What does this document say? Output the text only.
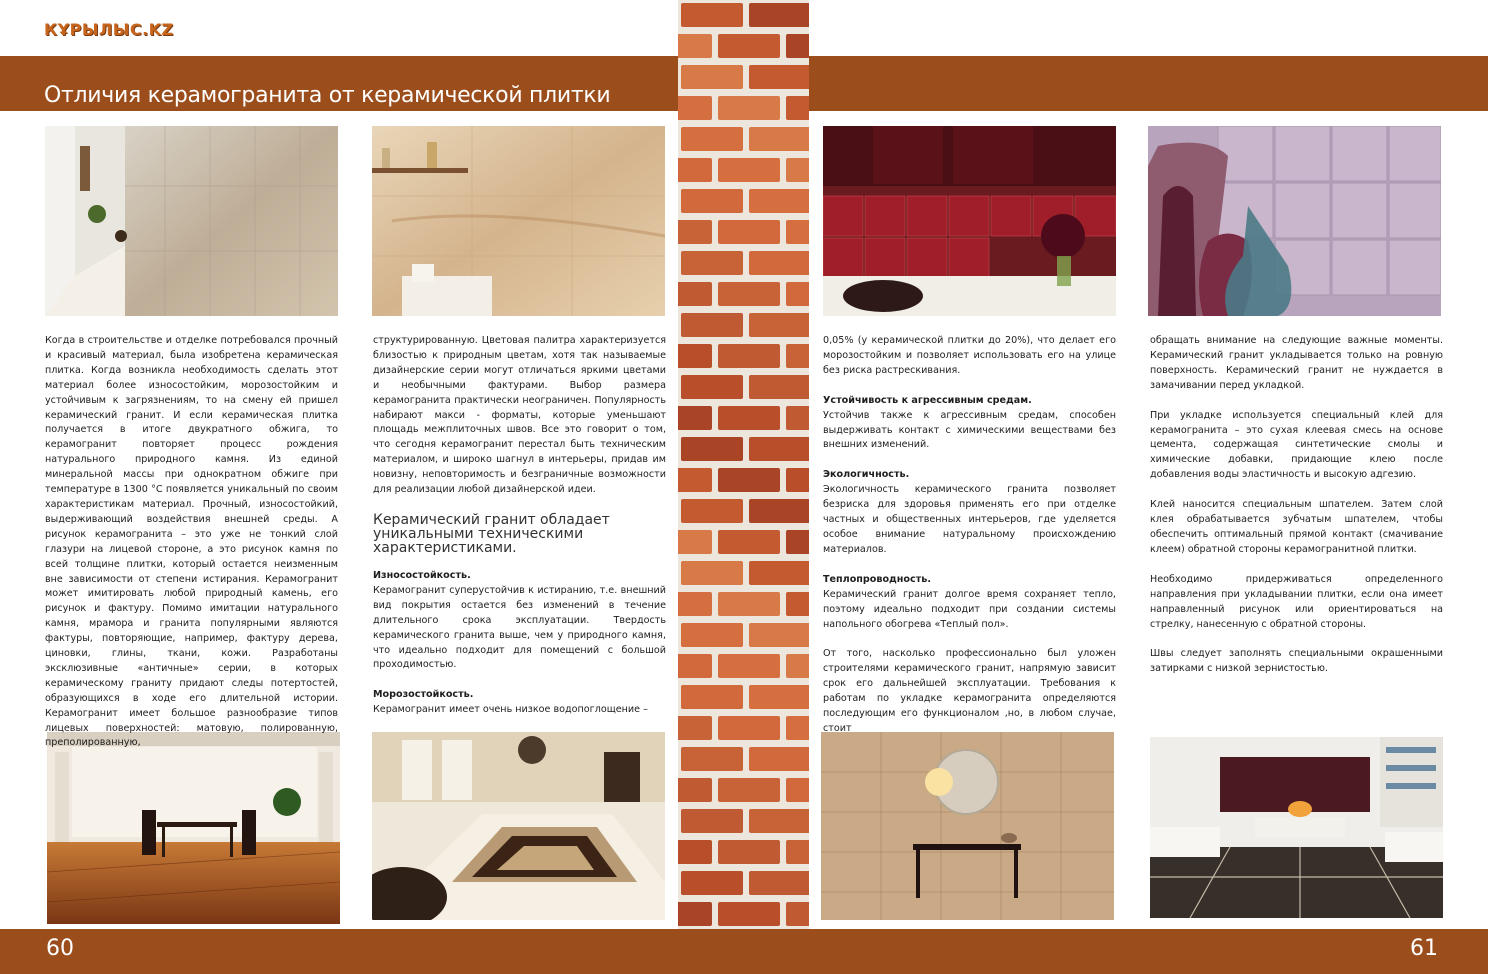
КҰРЫЛЫС.KZ
Отличия керамогранита от керамической плитки

Когда в строительстве и отделке потребовался прочный и красивый материал, была изобретена керамическая плитка. Когда возникла необходимость сделать этот материал более износостойким, морозостойким и устойчивым к загрязнениям, то на смену ей пришел керамический гранит. И если керамическая плитка получается в итоге двукратного обжига, то керамогранит повторяет процесс рождения натурального природного камня. Из единой минеральной массы при однократном обжиге при температуре в 1300 °С появляется уникальный по своим характеристикам материал. Прочный, износостойкий, выдерживающий воздействия внешней среды. А рисунок керамогранита – это уже не тонкий слой глазури на лицевой стороне, а это рисунок камня по всей толщине плитки, который остается неизменным вне зависимости от степени истирания. Керамогранит может имитировать любой природный камень, его рисунок и фактуру. Помимо имитации натурального камня, мрамора и гранита популярными являются фактуры, повторяющие, например, фактуру дерева, циновки, глины, ткани, кожи. Разработаны эксклюзивные «античные» серии, в которых керамическому граниту придают следы потертостей, образующихся в ходе его длительной истории. Керамогранит имеет большое разнообразие типов лицевых поверхностей: матовую, полированную, преполированную,

структурированную. Цветовая палитра характеризуется близостью к природным цветам, хотя так называемые дизайнерские серии могут отличаться яркими цветами и необычными фактурами. Выбор размера керамогранита практически неограничен. Популярность набирают макси - форматы, которые уменьшают площадь межплиточных швов. Все это говорит о том, что сегодня керамогранит перестал быть техническим материалом, и широко шагнул в интерьеры, придав им новизну, неповторимость и безграничные возможности для реализации любой дизайнерской идеи.

Керамический гранит обладает уникальными техническими характеристиками.

Износостойкость.

Керамогранит суперустойчив к истиранию, т.е. внешний вид покрытия остается без изменений в течение длительного срока эксплуатации. Твердость керамического гранита выше, чем у природного камня, что идеально подходит для помещений с большой проходимостью.

Морозостойкость.

Керамогранит имеет очень низкое водопоглощение –

0,05% (у керамической плитки до 20%), что делает его морозостойким и позволяет использовать его на улице без риска растрескивания.

Устойчивость к агрессивным средам.

Устойчив также к агрессивным средам, способен выдерживать контакт с химическими веществами без внешних изменений.

Экологичность.

Экологичность керамического гранита позволяет безриска для здоровья применять его при отделке частных и общественных интерьеров, где уделяется особое внимание натуральному происхождению материалов.

Теплопроводность.

Керамический гранит долгое время сохраняет тепло, поэтому идеально подходит при создании системы напольного обогрева «Теплый пол».

От того, насколько профессионально был уложен строителями керамического гранит, напрямую зависит срок его дальнейшей эксплуатации. Требования к работам по укладке керамогранита определяются последующим его функционалом ,но, в любом случае, стоит

обращать внимание на следующие важные моменты. Керамический гранит укладывается только на ровную поверхность. Керамический гранит не нуждается в замачивании перед укладкой.

При укладке используется специальный клей для керамогранита – это сухая клеевая смесь на основе цемента, содержащая синтетические смолы и химические добавки, придающие клею после добавления воды эластичность и высокую адгезию.

Клей наносится специальным шпателем. Затем слой клея обрабатывается зубчатым шпателем, чтобы обеспечить оптимальный прямой контакт (смачивание клеем) обратной стороны керамогранитной плитки.

Необходимо придерживаться определенного направления при укладывании плитки, если она имеет направленный рисунок или ориентироваться на стрелку, нанесенную с обратной стороны.

Швы следует заполнять специальными окрашенными затирками с низкой зернистостью.

60	61
